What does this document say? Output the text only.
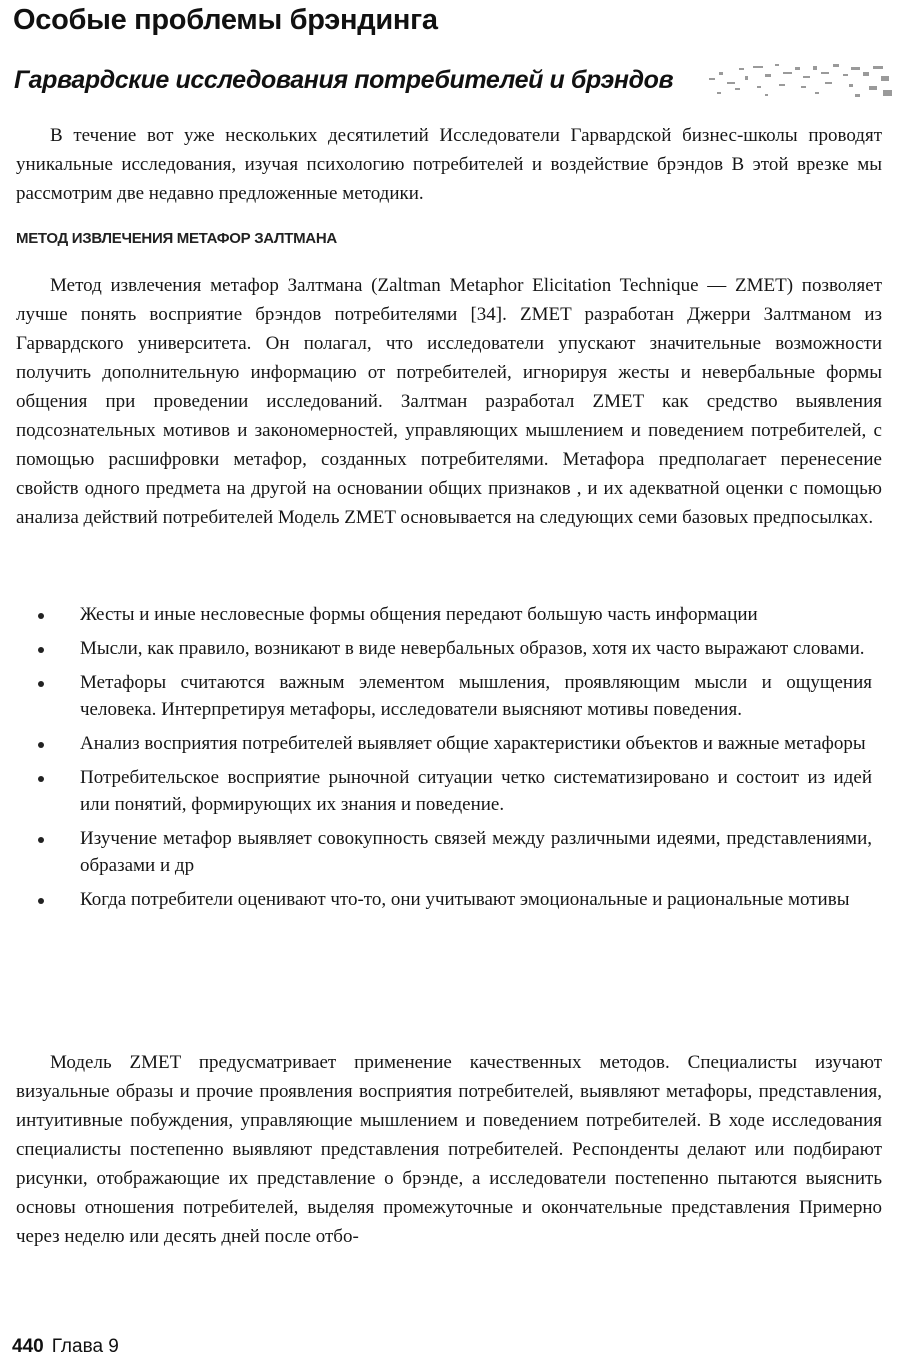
Особые проблемы брэндинга
Гарвардские исследования потребителей и брэндов

В течение вот уже нескольких десятилетий Исследователи Гарвардской бизнес-школы проводят уникальные исследования, изучая психологию потребителей и воздействие брэндов В этой врезке мы рассмотрим две недавно предложенные методики.

МЕТОД ИЗВЛЕЧЕНИЯ МЕТАФОР ЗАЛТМАНА

Метод извлечения метафор Залтмана (Zaltman Metaphor Elicitation Technique — ZMET) позволяет лучше понять восприятие брэндов потребителями [34]. ZMET разработан Джерри Залтманом из Гарвардского университета. Он полагал, что исследователи упускают значительные возможности получить дополнительную информацию от потребителей, игнорируя жесты и невербальные формы общения при проведении исследований. Залтман разработал ZMET как средство выявления подсознательных мотивов и закономерностей, управляющих мышлением и поведением потребителей, с помощью расшифровки метафор, созданных потребителями. Метафора предполагает перенесение свойств одного предмета на другой на основании общих признаков , и их адекватной оценки с помощью анализа действий потребителей Модель ZMET основывается на следующих семи базовых предпосылках.

Жесты и иные несловесные формы общения передают большую часть информации
Мысли, как правило, возникают в виде невербальных образов, хотя их часто выражают словами.
Метафоры считаются важным элементом мышления, проявляющим мысли и ощущения человека. Интерпретируя метафоры, исследователи выясняют мотивы поведения.
Анализ восприятия потребителей выявляет общие характеристики объектов и важные метафоры
Потребительское восприятие рыночной ситуации четко систематизировано и состоит из идей или понятий, формирующих их знания и поведение.
Изучение метафор выявляет совокупность связей между различными идеями, представлениями, образами и др
Когда потребители оценивают что-то, они учитывают эмоциональные и рациональные мотивы

Модель ZMET предусматривает применение качественных методов. Специалисты изучают визуальные образы и прочие проявления восприятия потребителей, выявляют метафоры, представления, интуитивные побуждения, управляющие мышлением и поведением потребителей. В ходе исследования специалисты постепенно выявляют представления потребителей. Респонденты делают или подбирают рисунки, отображающие их представление о брэнде, а исследователи постепенно пытаются выяснить основы отношения потребителей, выделяя промежуточные и окончательные представления Примерно через неделю или десять дней после отбо-

440 Глава 9
